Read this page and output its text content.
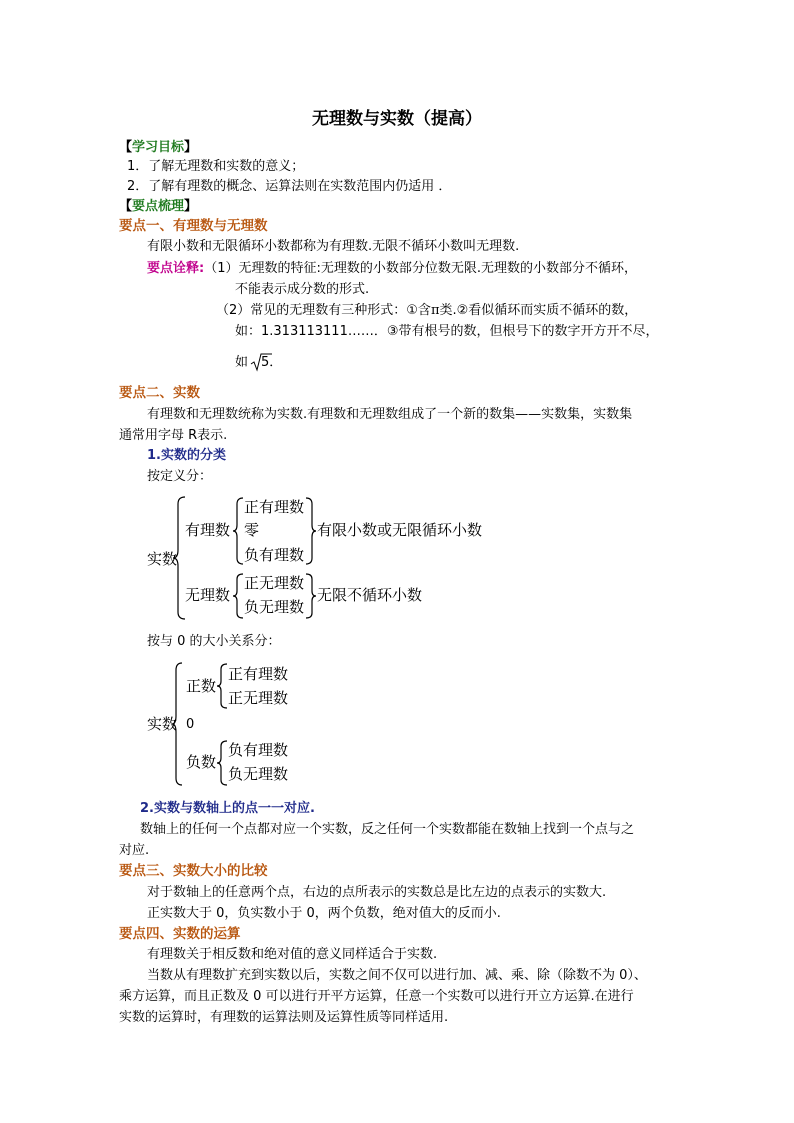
无理数与实数（提高）
【学习目标】
1．了解无理数和实数的意义；
2．了解有理数的概念、运算法则在实数范围内仍适用 ．
【要点梳理】
要点一、有理数与无理数
有限小数和无限循环小数都称为有理数.无限不循环小数叫无理数.
要点诠释:（1）无理数的特征:无理数的小数部分位数无限.无理数的小数部分不循环，
不能表示成分数的形式.
（2）常见的无理数有三种形式：①含π类.②看似循环而实质不循环的数，
如：1.313113111……．③带有根号的数，但根号下的数字开方开不尽，
如 5．
要点二、实数
有理数和无理数统称为实数.有理数和无理数组成了一个新的数集——实数集，实数集
通常用字母 R表示.
1.实数的分类
按定义分：
实数
有理数
正有理数
零
负有理数
有限小数或无限循环小数
无理数
正无理数
负无理数
无限不循环小数
按与 0 的大小关系分：
实数
正数
正有理数
正无理数
0
负数
负有理数
负无理数
2.实数与数轴上的点一一对应.
数轴上的任何一个点都对应一个实数，反之任何一个实数都能在数轴上找到一个点与之
对应.
要点三、实数大小的比较
对于数轴上的任意两个点，右边的点所表示的实数总是比左边的点表示的实数大.
正实数大于 0，负实数小于 0，两个负数，绝对值大的反而小.
要点四、实数的运算
有理数关于相反数和绝对值的意义同样适合于实数.
当数从有理数扩充到实数以后，实数之间不仅可以进行加、减、乘、除（除数不为 0）、
乘方运算，而且正数及 0 可以进行开平方运算，任意一个实数可以进行开立方运算.在进行
实数的运算时，有理数的运算法则及运算性质等同样适用.
